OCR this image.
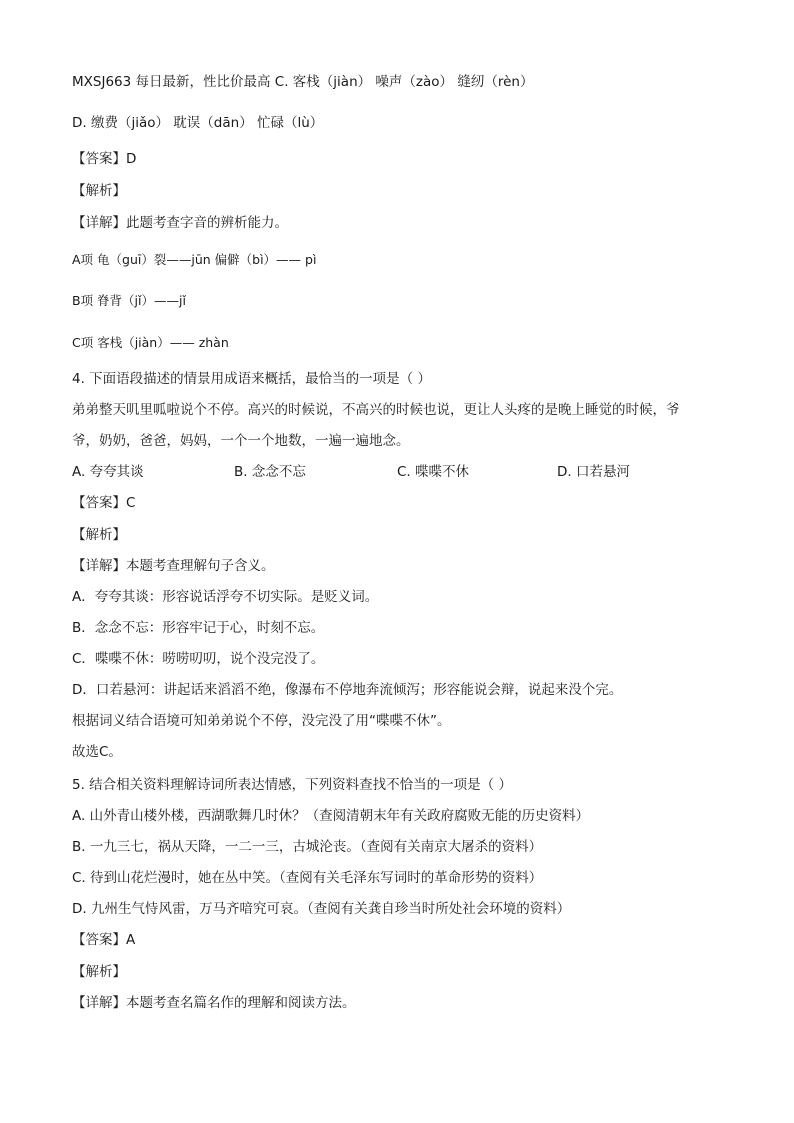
MXSJ663 每日最新，性比价最高 C. 客栈（jiàn） 噪声（zào） 缝纫（rèn）
D. 缴费（jiǎo） 耽误（dān） 忙碌（lù）
【答案】D
【解析】
【详解】此题考查字音的辨析能力。
A项 龟（guī）裂——jūn 偏僻（bì）—— pì
B项 脊背（jǐ）——jǐ
C项 客栈（jiàn）—— zhàn
4. 下面语段描述的情景用成语来概括，最恰当的一项是（ ）
弟弟整天叽里呱啦说个不停。高兴的时候说，不高兴的时候也说，更让人头疼的是晚上睡觉的时候，爷
爷，奶奶，爸爸，妈妈，一个一个地数，一遍一遍地念。
A. 夸夸其谈	B. 念念不忘	C. 喋喋不休	D. 口若悬河
【答案】C
【解析】
【详解】本题考查理解句子含义。
A．夸夸其谈：形容说话浮夸不切实际。是贬义词。
B．念念不忘：形容牢记于心，时刻不忘。
C．喋喋不休：唠唠叨叨，说个没完没了。
D．口若悬河：讲起话来滔滔不绝，像瀑布不停地奔流倾泻；形容能说会辩，说起来没个完。
根据词义结合语境可知弟弟说个不停，没完没了用“喋喋不休”。
故选C。
5. 结合相关资料理解诗词所表达情感，下列资料查找不恰当的一项是（ ）
A. 山外青山楼外楼，西湖歌舞几时休？（查阅清朝末年有关政府腐败无能的历史资料）
B. 一九三七，祸从天降，一二一三，古城沦丧。（查阅有关南京大屠杀的资料）
C. 待到山花烂漫时，她在丛中笑。（查阅有关毛泽东写词时的革命形势的资料）
D. 九州生气恃风雷，万马齐喑究可哀。（查阅有关龚自珍当时所处社会环境的资料）
【答案】A
【解析】
【详解】本题考查名篇名作的理解和阅读方法。
